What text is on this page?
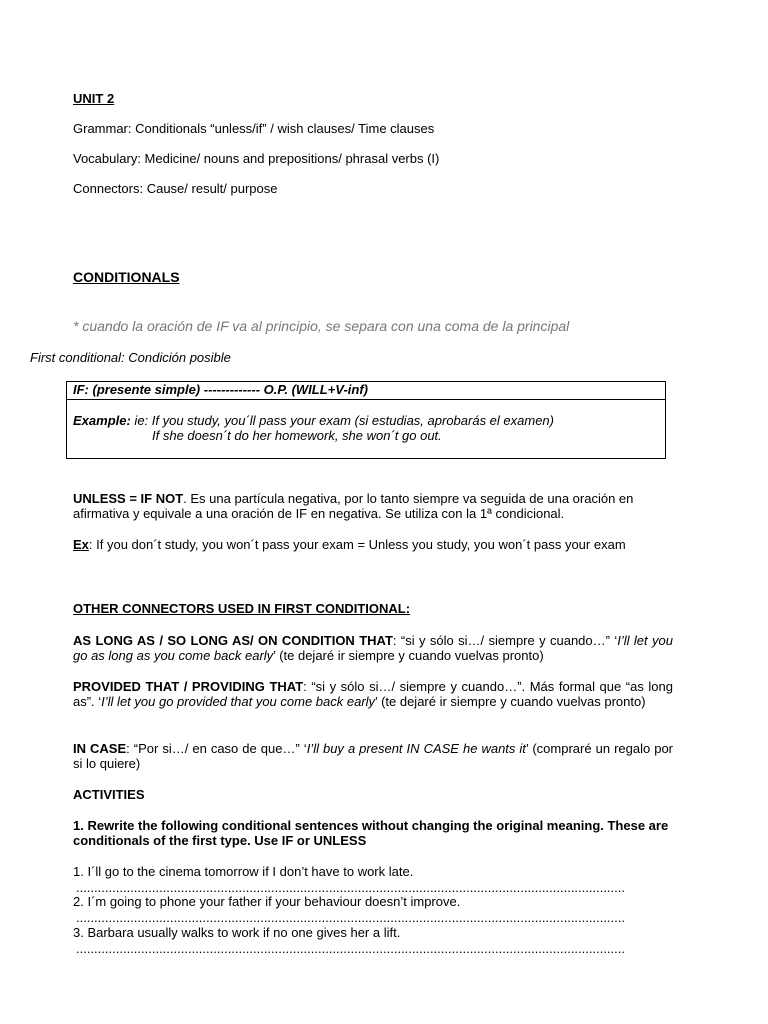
UNIT 2

Grammar: Conditionals “unless/if” / wish clauses/ Time clauses

Vocabulary: Medicine/ nouns and prepositions/ phrasal verbs (I)

Connectors: Cause/ result/ purpose

CONDITIONALS

* cuando la oración de IF va al principio, se separa con una coma de la principal

First conditional: Condición posible

IF: (presente simple) ------------- O.P. (WILL+V-inf)
Example: ie: If you study, you´ll pass your exam (si estudias, aprobarás el examen)
If she doesn´t do her homework, she won´t go out.

UNLESS = IF NOT. Es una partícula negativa, por lo tanto siempre va seguida de una oración en afirmativa y equivale a una oración de IF en negativa. Se utiliza con la 1ª condicional.

Ex: If you don´t study, you won´t pass your exam = Unless you study, you won´t pass your exam

OTHER CONNECTORS USED IN FIRST CONDITIONAL:

AS LONG AS / SO LONG AS/ ON CONDITION THAT: “si y sólo si…/ siempre y cuando…” ‘I’ll let you go as long as you come back early’ (te dejaré ir siempre y cuando vuelvas pronto)

PROVIDED THAT / PROVIDING THAT: “si y sólo si…/ siempre y cuando…”. Más formal que “as long as”. ‘I’ll let you go provided that you come back early’ (te dejaré ir siempre y cuando vuelvas pronto)

IN CASE: “Por si…/ en caso de que…” ‘I’ll buy a present IN CASE he wants it’ (compraré un regalo por si lo quiere)

ACTIVITIES

1. Rewrite the following conditional sentences without changing the original meaning. These are conditionals of the first type. Use IF or UNLESS

1. I´ll go to the cinema tomorrow if I don’t have to work late.

........................................................................................................................................................

2. I´m going to phone your father if your behaviour doesn’t improve.

........................................................................................................................................................

3. Barbara usually walks to work if no one gives her a lift.

........................................................................................................................................................
